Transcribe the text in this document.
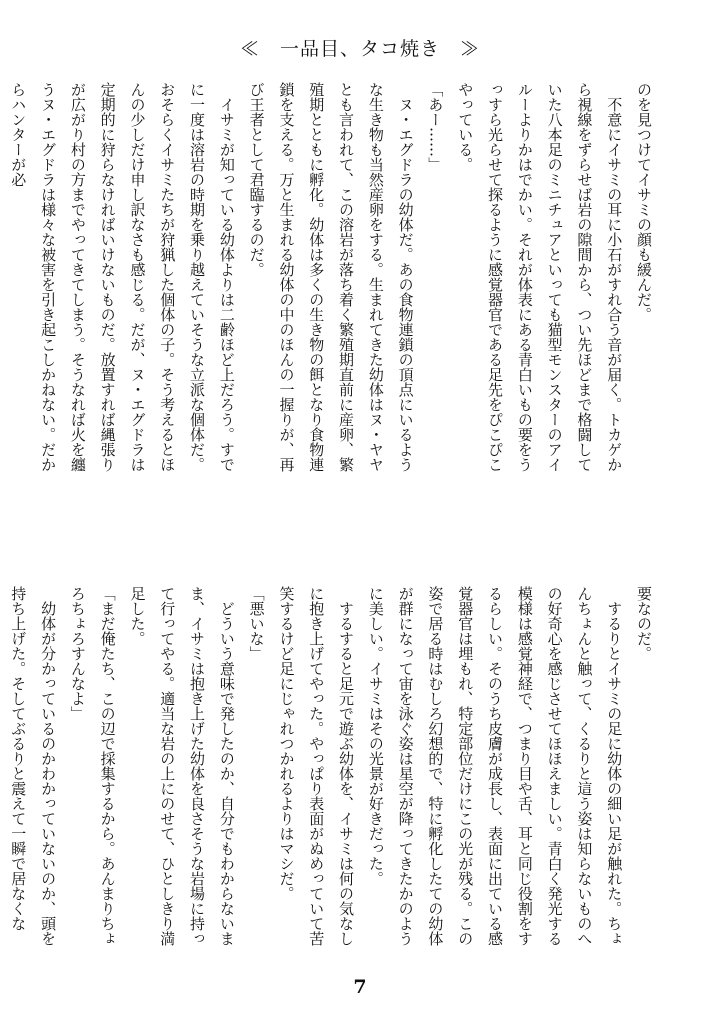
≪　一品目、タコ焼き　≫

のを見つけてイサミの顔も緩んだ。

不意にイサミの耳に小石がすれ合う音が届く。トカゲから視線をずらせば岩の隙間から、つい先ほどまで格闘していた八本足のミニチュアといっても猫型モンスターのアイルーよりかはでかい。それが体表にある青白いもの要をうっすら光らせて探るように感覚器官である足先をぴこぴこやっている。

「あー……」

ヌ・エグドラの幼体だ。あの食物連鎖の頂点にいるような生き物も当然産卵をする。生まれてきた幼体はヌ・ヤヤとも言われて、この溶岩が落ち着く繁殖期直前に産卵、繁殖期とともに孵化。幼体は多くの生き物の餌となり食物連鎖を支える。万と生まれる幼体の中のほんの一握りが、再び王者として君臨するのだ。

イサミが知っている幼体よりは二齢ほど上だろう。すでに一度は溶岩の時期を乗り越えていそうな立派な個体だ。おそらくイサミたちが狩猟した個体の子。そう考えるとほんの少しだけ申し訳なさも感じる。だが、ヌ・エグドラは定期的に狩らなければいけないものだ。放置すれば縄張りが広がり村の方までやってきてしまう。そうなれば火を纏うヌ・エグドラは様々な被害を引き起こしかねない。だからハンターが必

要なのだ。

するりとイサミの足に幼体の細い足が触れた。ちょんちょんと触って、くるりと這う姿は知らないものへの好奇心を感じさせてほほえましい。青白く発光する模様は感覚神経で、つまり目や舌、耳と同じ役割をするらしい。そのうち皮膚が成長し、表面に出ている感覚器官は埋もれ、特定部位だけにこの光が残る。この姿で居る時はむしろ幻想的で、特に孵化したての幼体が群になって宙を泳ぐ姿は星空が降ってきたかのように美しい。イサミはその光景が好きだった。

するすると足元で遊ぶ幼体を、イサミは何の気なしに抱き上げてやった。やっぱり表面がぬめっていて苦笑するけど足にじゃれつかれるよりはマシだ。

「悪いな」

どういう意味で発したのか、自分でもわからないまま、イサミは抱き上げた幼体を良さそうな岩場に持って行ってやる。適当な岩の上にのせて、ひとしきり満足した。

「まだ俺たち、この辺で採集するから。あんまりちょろちょろすんなよ」

幼体が分かっているのかわかっていないのか、頭を持ち上げた。そしてぶるりと震えて一瞬で居なくな

7
